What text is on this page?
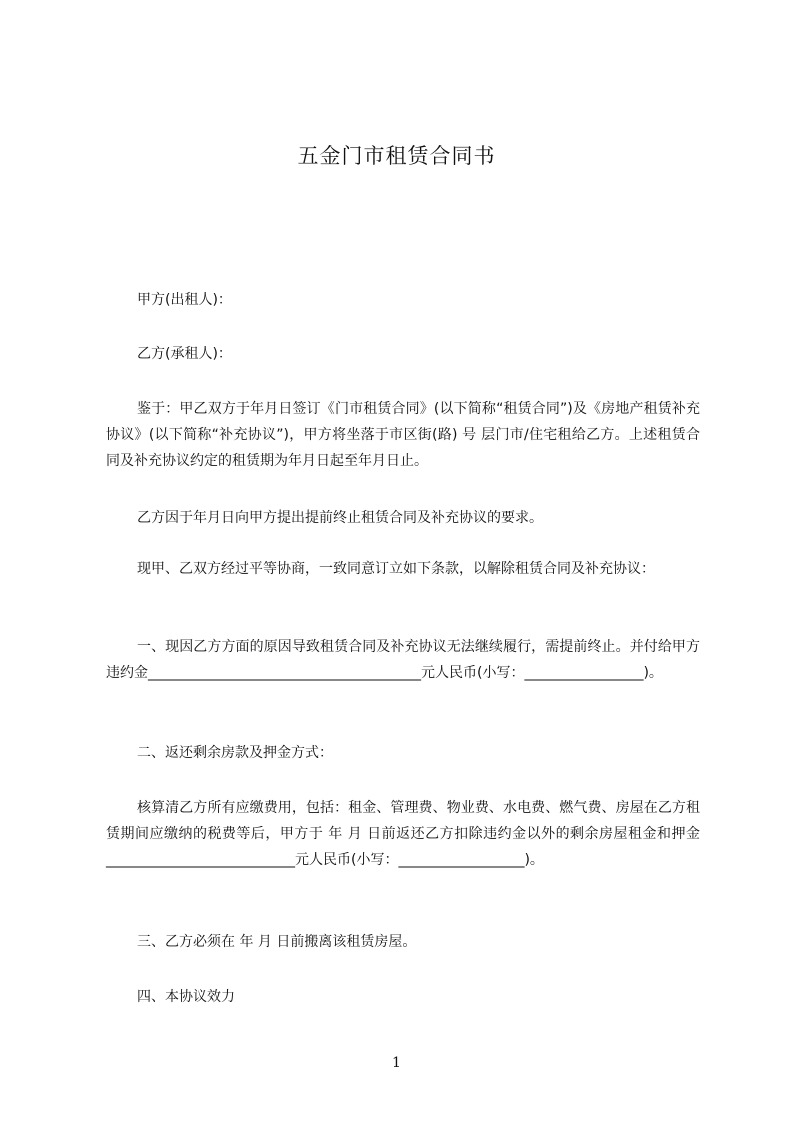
五金门市租赁合同书

甲方(出租人)：

乙方(承租人)：

鉴于：甲乙双方于年月日签订《门市租赁合同》(以下简称“租赁合同”)及《房地产租赁补充协议》(以下简称“补充协议”)，甲方将坐落于市区街(路) 号 层门市/住宅租给乙方。上述租赁合同及补充协议约定的租赁期为年月日起至年月日止。

乙方因于年月日向甲方提出提前终止租赁合同及补充协议的要求。

现甲、乙双方经过平等协商，一致同意订立如下条款，以解除租赁合同及补充协议：

一、现因乙方方面的原因导致租赁合同及补充协议无法继续履行，需提前终止。并付给甲方违约金_______________________________________元人民币(小写：_________________)。

二、返还剩余房款及押金方式：

核算清乙方所有应缴费用，包括：租金、管理费、物业费、水电费、燃气费、房屋在乙方租赁期间应缴纳的税费等后，甲方于 年 月 日前返还乙方扣除违约金以外的剩余房屋租金和押金___________________________元人民币(小写：__________________)。

三、乙方必须在 年 月 日前搬离该租赁房屋。

四、本协议效力

1
